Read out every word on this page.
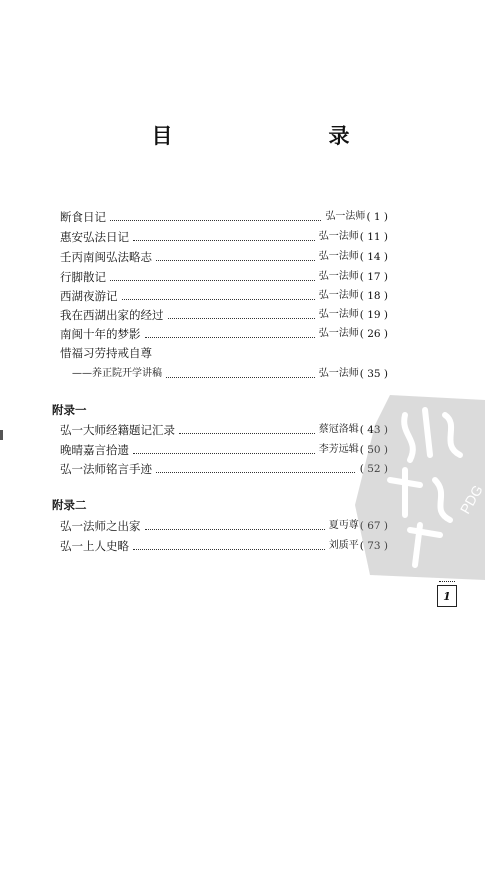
目　　录
断食日记	弘一法师 ( 1 )
惠安弘法日记	弘一法师 ( 11 )
壬丙南闽弘法略志	弘一法师 ( 14 )
行脚散记	弘一法师 ( 17 )
西湖夜游记	弘一法师 ( 18 )
我在西湖出家的经过	弘一法师 ( 19 )
南闽十年的梦影	弘一法师 ( 26 )
惜福习劳持戒自尊
——养正院开学讲稿	弘一法师 ( 35 )
附录一
弘一大师经籍题记汇录	蔡冠洛辑 ( 43 )
晚晴嘉言拾遗	李芳远辑 ( 50 )
弘一法师铭言手迹	( 52 )
附录二
弘一法师之出家	夏丏尊 ( 67 )
弘一上人史略	刘质平 ( 73 )
PDG
1
